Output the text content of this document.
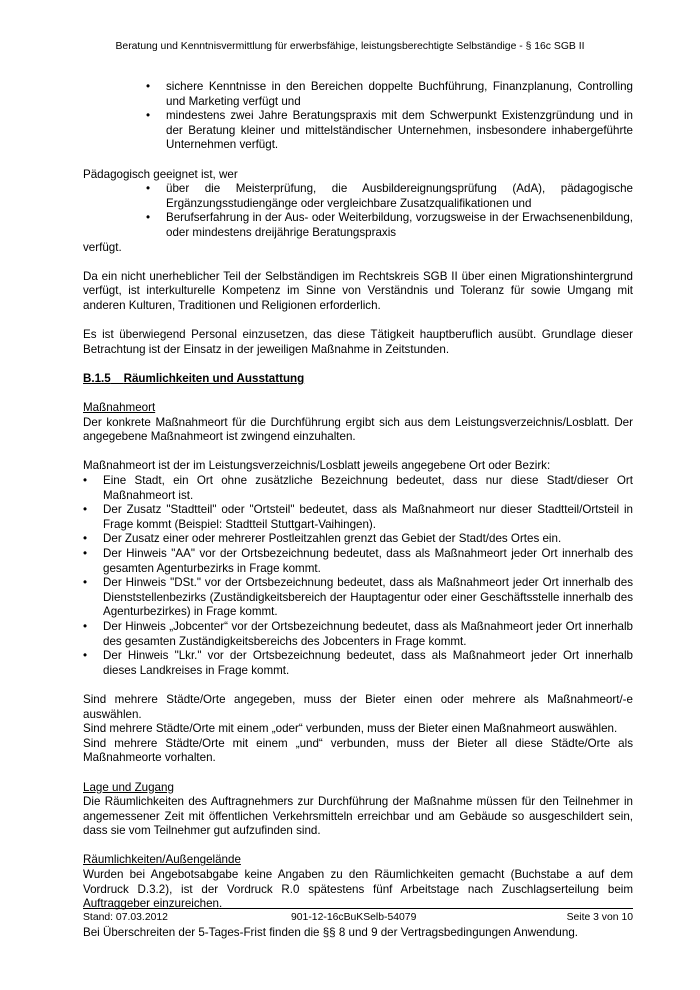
Beratung und Kenntnisvermittlung für erwerbsfähige, leistungsberechtigte Selbständige - § 16c SGB II
• sichere Kenntnisse in den Bereichen doppelte Buchführung, Finanzplanung, Controlling und Marketing verfügt und
• mindestens zwei Jahre Beratungspraxis mit dem Schwerpunkt Existenzgründung und in der Beratung kleiner und mittelständischer Unternehmen, insbesondere inhabergeführte Unternehmen verfügt.

Pädagogisch geeignet ist, wer

• über die Meisterprüfung, die Ausbildereignungsprüfung (AdA), pädagogische Ergänzungsstudiengänge oder vergleichbare Zusatzqualifikationen und
• Berufserfahrung in der Aus- oder Weiterbildung, vorzugsweise in der Erwachsenenbildung, oder mindestens dreijährige Beratungspraxis

verfügt.

Da ein nicht unerheblicher Teil der Selbständigen im Rechtskreis SGB II über einen Migrationshintergrund verfügt, ist interkulturelle Kompetenz im Sinne von Verständnis und Toleranz für sowie Umgang mit anderen Kulturen, Traditionen und Religionen erforderlich.

Es ist überwiegend Personal einzusetzen, das diese Tätigkeit hauptberuflich ausübt. Grundlage dieser Betrachtung ist der Einsatz in der jeweiligen Maßnahme in Zeitstunden.

B.1.5 Räumlichkeiten und Ausstattung

Maßnahmeort

Der konkrete Maßnahmeort für die Durchführung ergibt sich aus dem Leistungsverzeichnis/Losblatt. Der angegebene Maßnahmeort ist zwingend einzuhalten.

Maßnahmeort ist der im Leistungsverzeichnis/Losblatt jeweils angegebene Ort oder Bezirk:

• Eine Stadt, ein Ort ohne zusätzliche Bezeichnung bedeutet, dass nur diese Stadt/dieser Ort Maßnahmeort ist.
• Der Zusatz "Stadtteil" oder "Ortsteil" bedeutet, dass als Maßnahmeort nur dieser Stadtteil/Ortsteil in Frage kommt (Beispiel: Stadtteil Stuttgart-Vaihingen).
• Der Zusatz einer oder mehrerer Postleitzahlen grenzt das Gebiet der Stadt/des Ortes ein.
• Der Hinweis "AA" vor der Ortsbezeichnung bedeutet, dass als Maßnahmeort jeder Ort innerhalb des gesamten Agenturbezirks in Frage kommt.
• Der Hinweis "DSt." vor der Ortsbezeichnung bedeutet, dass als Maßnahmeort jeder Ort innerhalb des Dienststellenbezirks (Zuständigkeitsbereich der Hauptagentur oder einer Geschäftsstelle innerhalb des Agenturbezirkes) in Frage kommt.
• Der Hinweis „Jobcenter“ vor der Ortsbezeichnung bedeutet, dass als Maßnahmeort jeder Ort innerhalb des gesamten Zuständigkeitsbereichs des Jobcenters in Frage kommt.
• Der Hinweis "Lkr." vor der Ortsbezeichnung bedeutet, dass als Maßnahmeort jeder Ort innerhalb dieses Landkreises in Frage kommt.

Sind mehrere Städte/Orte angegeben, muss der Bieter einen oder mehrere als Maßnahmeort/-e auswählen.

Sind mehrere Städte/Orte mit einem „oder“ verbunden, muss der Bieter einen Maßnahmeort auswählen.

Sind mehrere Städte/Orte mit einem „und“ verbunden, muss der Bieter all diese Städte/Orte als Maßnahmeorte vorhalten.

Lage und Zugang

Die Räumlichkeiten des Auftragnehmers zur Durchführung der Maßnahme müssen für den Teilnehmer in angemessener Zeit mit öffentlichen Verkehrsmitteln erreichbar und am Gebäude so ausgeschildert sein, dass sie vom Teilnehmer gut aufzufinden sind.

Räumlichkeiten/Außengelände

Wurden bei Angebotsabgabe keine Angaben zu den Räumlichkeiten gemacht (Buchstabe a auf dem Vordruck D.3.2), ist der Vordruck R.0 spätestens fünf Arbeitstage nach Zuschlagserteilung beim Auftraggeber einzureichen.

Bei Überschreiten der 5-Tages-Frist finden die §§ 8 und 9 der Vertragsbedingungen Anwendung.

Stand: 07.03.2012	901-12-16cBuKSelb-54079	Seite 3 von 10
